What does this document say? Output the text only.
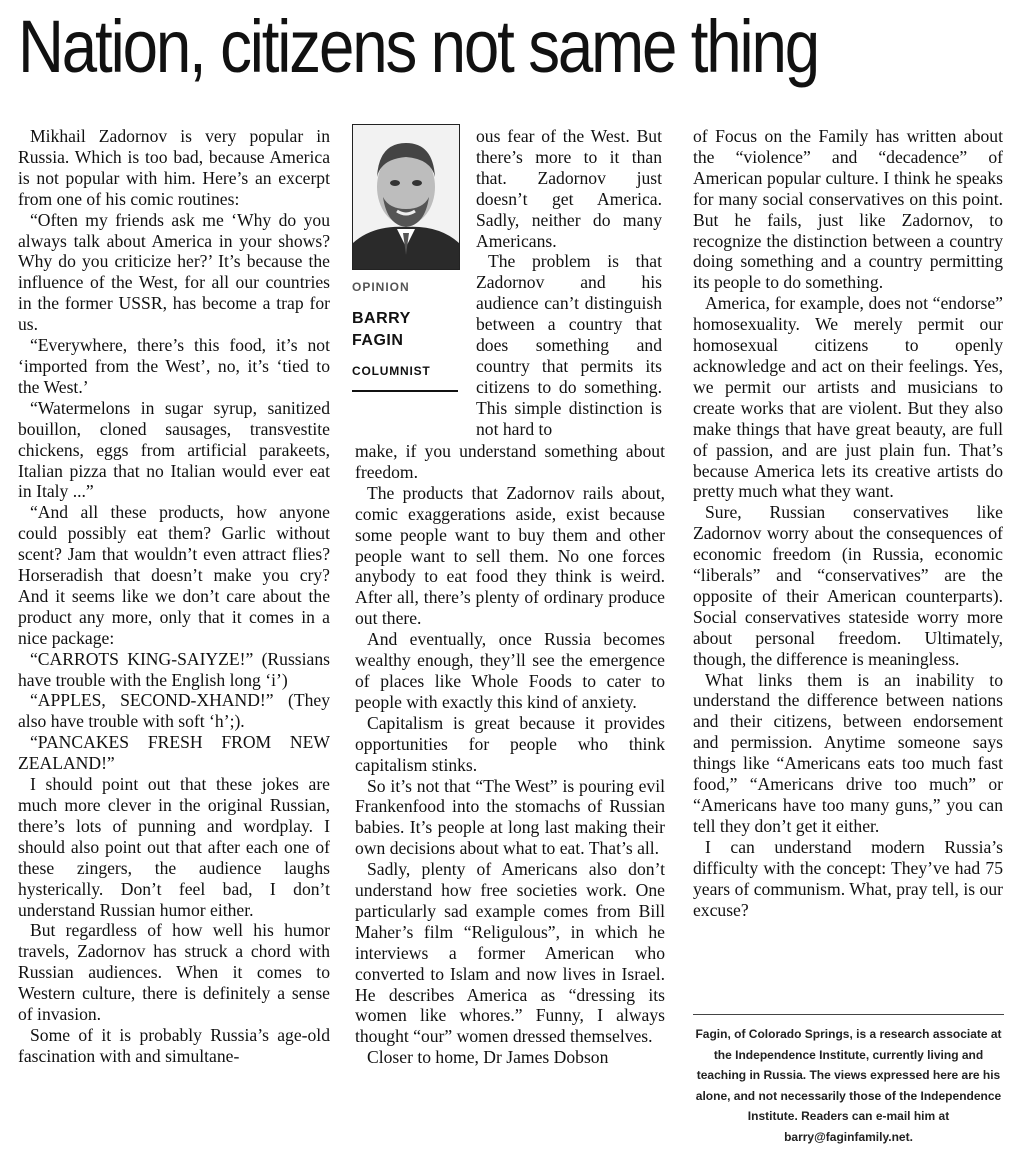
Nation, citizens not same thing

Mikhail Zadornov is very popular in Russia. Which is too bad, because America is not popular with him. Here’s an excerpt from one of his comic routines:

“Often my friends ask me ‘Why do you always talk about America in your shows? Why do you criticize her?’ It’s because the influence of the West, for all our countries in the former USSR, has become a trap for us.

“Everywhere, there’s this food, it’s not ‘imported from the West’, no, it’s ‘tied to the West.’

“Watermelons in sugar syrup, sanitized bouillon, cloned sausages, transvestite chickens, eggs from artificial parakeets, Italian pizza that no Italian would ever eat in Italy ...”

“And all these products, how anyone could possibly eat them? Garlic without scent? Jam that wouldn’t even attract flies? Horseradish that doesn’t make you cry? And it seems like we don’t care about the product any more, only that it comes in a nice package:

“CARROTS KING-SAIYZE!” (Russians have trouble with the English long ‘i’)

“APPLES, SECOND-XHAND!” (They also have trouble with soft ‘h’;).

“PANCAKES FRESH FROM NEW ZEALAND!”

I should point out that these jokes are much more clever in the original Russian, there’s lots of punning and wordplay. I should also point out that after each one of these zingers, the audience laughs hysterically. Don’t feel bad, I don’t understand Russian humor either.

But regardless of how well his humor travels, Zadornov has struck a chord with Russian audiences. When it comes to Western culture, there is definitely a sense of invasion.

Some of it is probably Russia’s age-old fascination with and simultane-

OPINION
BARRY
FAGIN
COLUMNIST

ous fear of the West. But there’s more to it than that. Zadornov just doesn’t get America. Sadly, neither do many Americans.

The problem is that Zadornov and his audience can’t distinguish between a country that does something and country that permits its citizens to do something. This simple distinction is not hard to

make, if you understand something about freedom.

The products that Zadornov rails about, comic exaggerations aside, exist because some people want to buy them and other people want to sell them. No one forces anybody to eat food they think is weird. After all, there’s plenty of ordinary produce out there.

And eventually, once Russia becomes wealthy enough, they’ll see the emergence of places like Whole Foods to cater to people with exactly this kind of anxiety.

Capitalism is great because it provides opportunities for people who think capitalism stinks.

So it’s not that “The West” is pouring evil Frankenfood into the stomachs of Russian babies. It’s people at long last making their own decisions about what to eat. That’s all.

Sadly, plenty of Americans also don’t understand how free societies work. One particularly sad example comes from Bill Maher’s film “Religulous”, in which he interviews a former American who converted to Islam and now lives in Israel. He describes America as “dressing its women like whores.” Funny, I always thought “our” women dressed themselves.

Closer to home, Dr James Dobson

of Focus on the Family has written about the “violence” and “decadence” of American popular culture. I think he speaks for many social conservatives on this point. But he fails, just like Zadornov, to recognize the distinction between a country doing something and a country permitting its people to do something.

America, for example, does not “endorse” homosexuality. We merely permit our homosexual citizens to openly acknowledge and act on their feelings. Yes, we permit our artists and musicians to create works that are violent. But they also make things that have great beauty, are full of passion, and are just plain fun. That’s because America lets its creative artists do pretty much what they want.

Sure, Russian conservatives like Zadornov worry about the consequences of economic freedom (in Russia, economic “liberals” and “conservatives” are the opposite of their American counterparts). Social conservatives stateside worry more about personal freedom. Ultimately, though, the difference is meaningless.

What links them is an inability to understand the difference between nations and their citizens, between endorsement and permission. Anytime someone says things like “Americans eats too much fast food,” “Americans drive too much” or “Americans have too many guns,” you can tell they don’t get it either.

I can understand modern Russia’s difficulty with the concept: They’ve had 75 years of communism. What, pray tell, is our excuse?

Fagin, of Colorado Springs, is a research associate at the Independence Institute, currently living and teaching in Russia. The views expressed here are his alone, and not necessarily those of the Independence Institute. Readers can e-mail him at barry@faginfamily.net.
